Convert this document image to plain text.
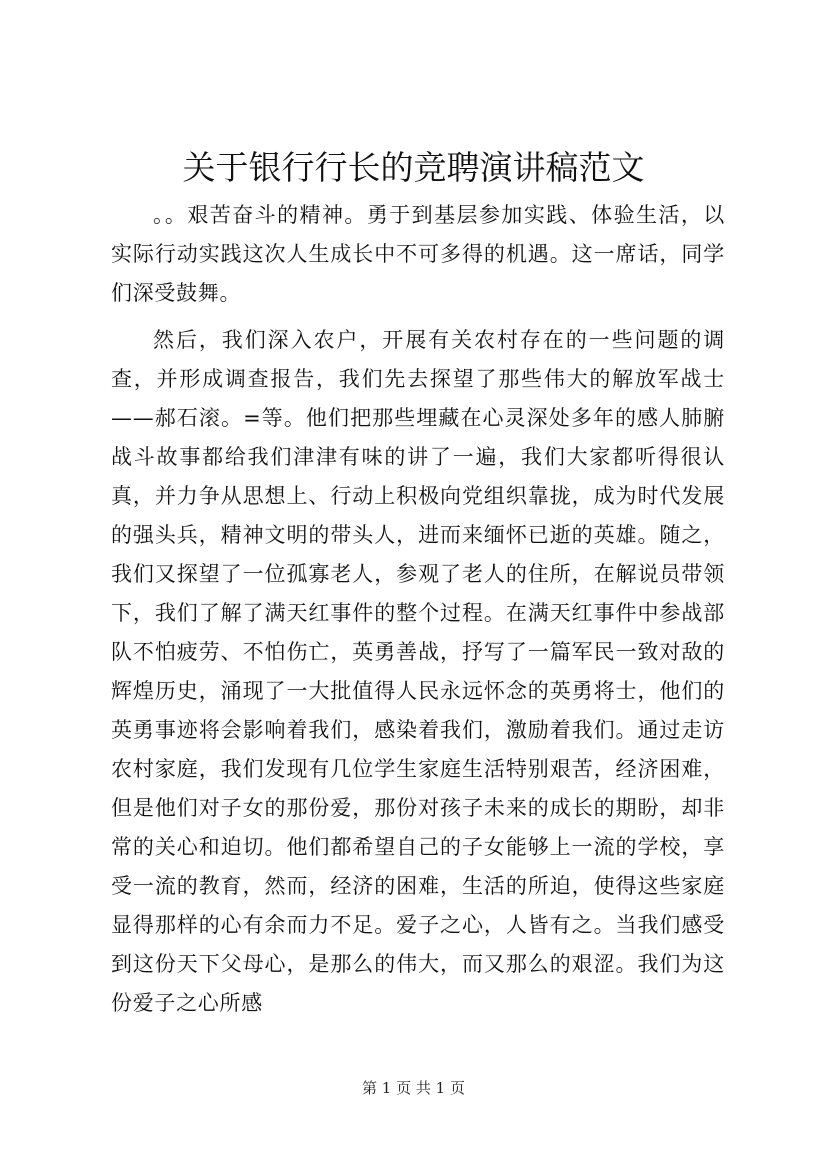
关于银行行长的竞聘演讲稿范文

。。艰苦奋斗的精神。勇于到基层参加实践、体验生活，以实际行动实践这次人生成长中不可多得的机遇。这一席话，同学们深受鼓舞。

然后，我们深入农户，开展有关农村存在的一些问题的调查，并形成调查报告，我们先去探望了那些伟大的解放军战士——郝石滚。=等。他们把那些埋藏在心灵深处多年的感人肺腑战斗故事都给我们津津有味的讲了一遍，我们大家都听得很认真，并力争从思想上、行动上积极向党组织靠拢，成为时代发展的强头兵，精神文明的带头人，进而来缅怀已逝的英雄。随之，我们又探望了一位孤寡老人，参观了老人的住所，在解说员带领下，我们了解了满天红事件的整个过程。在满天红事件中参战部队不怕疲劳、不怕伤亡，英勇善战，抒写了一篇军民一致对敌的辉煌历史，涌现了一大批值得人民永远怀念的英勇将士，他们的英勇事迹将会影响着我们，感染着我们，激励着我们。通过走访农村家庭，我们发现有几位学生家庭生活特别艰苦，经济困难，但是他们对子女的那份爱，那份对孩子未来的成长的期盼，却非常的关心和迫切。他们都希望自己的子女能够上一流的学校，享受一流的教育，然而，经济的困难，生活的所迫，使得这些家庭显得那样的心有余而力不足。爱子之心，人皆有之。当我们感受到这份天下父母心，是那么的伟大，而又那么的艰涩。我们为这份爱子之心所感

第 1 页 共 1 页
